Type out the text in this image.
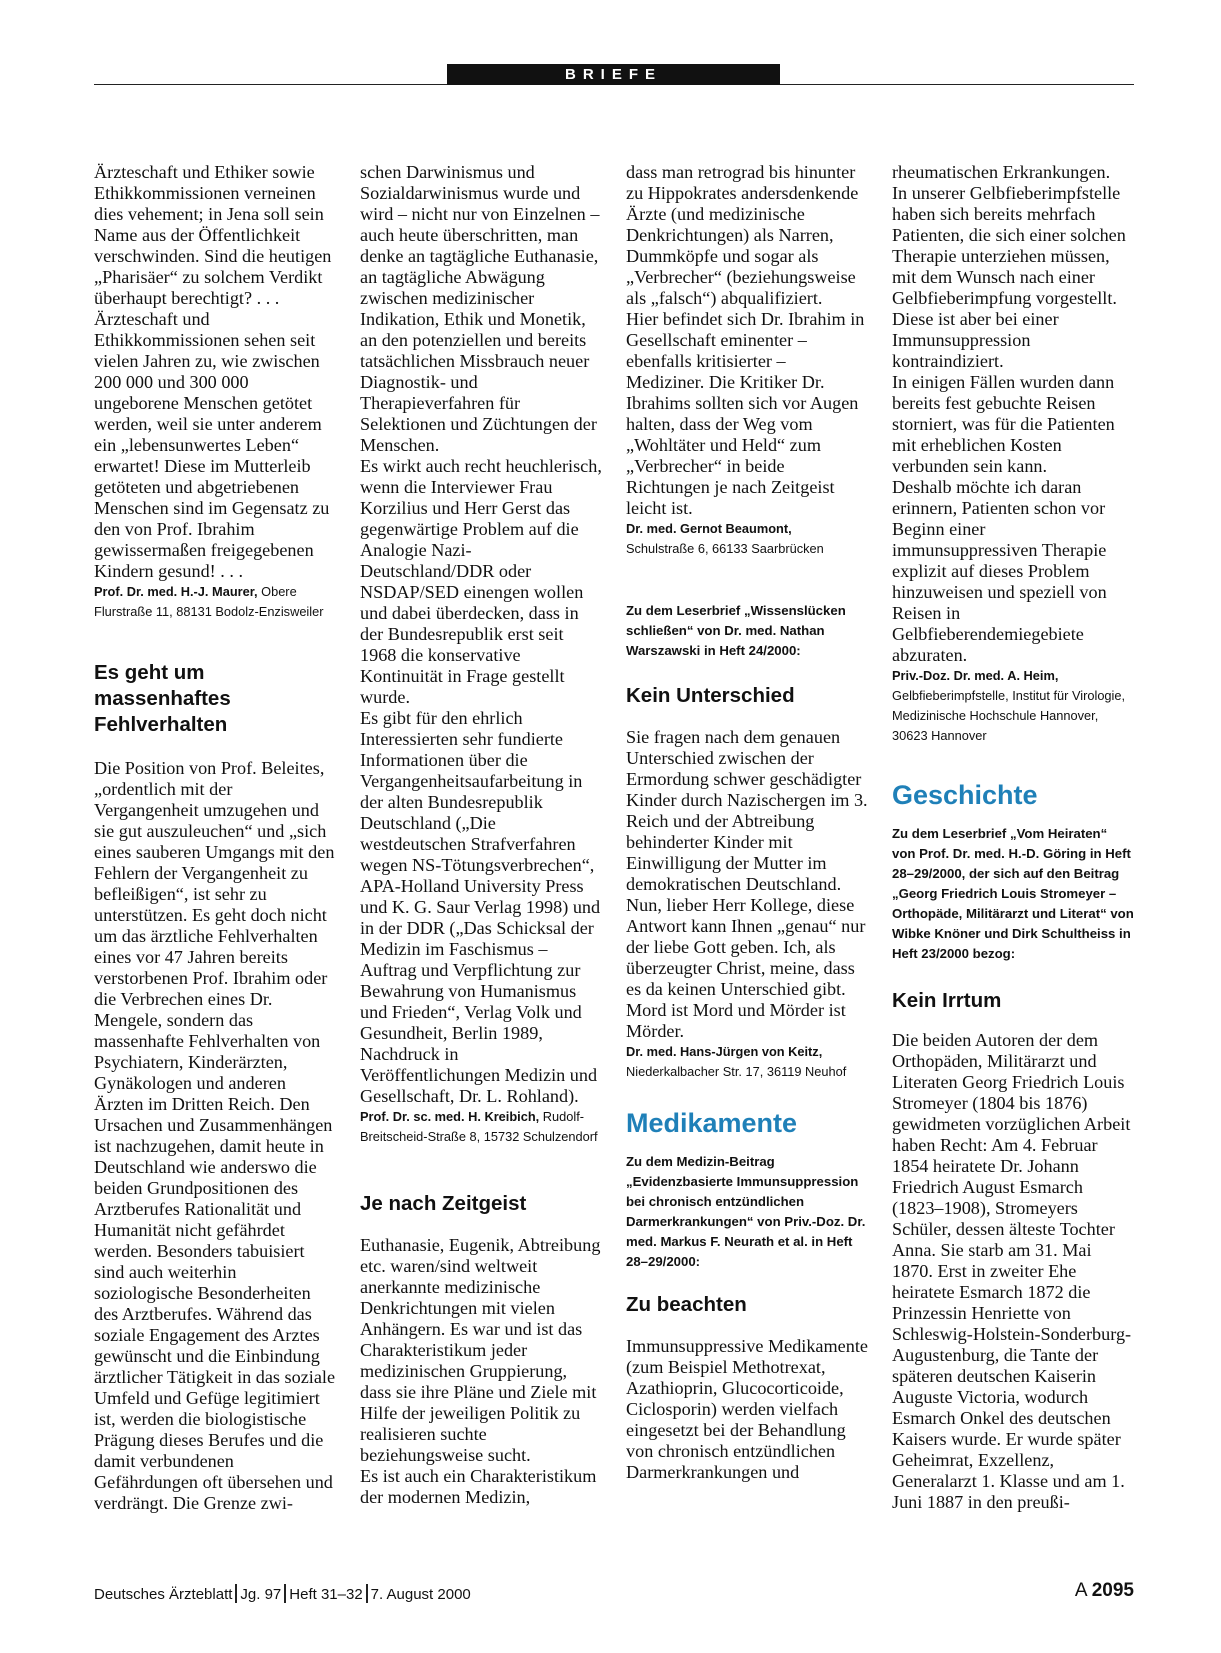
BRIEFE

Ärzteschaft und Ethiker sowie Ethikkommissionen verneinen dies vehement; in Jena soll sein Name aus der Öffentlichkeit verschwinden. Sind die heutigen „Pharisäer“ zu solchem Verdikt überhaupt berechtigt? . . . Ärzteschaft und Ethikkommissionen sehen seit vielen Jahren zu, wie zwischen 200 000 und 300 000 ungeborene Menschen getötet werden, weil sie unter anderem ein „lebensunwertes Leben“ erwartet! Diese im Mutterleib getöteten und abgetriebenen Menschen sind im Gegensatz zu den von Prof. Ibrahim gewissermaßen freigegebenen Kindern gesund! . . .

Prof. Dr. med. H.-J. Maurer, Obere Flurstraße 11, 88131 Bodolz-Enzisweiler

Es geht um massenhaftes Fehlverhalten

Die Position von Prof. Beleites, „ordentlich mit der Vergangenheit umzugehen und sie gut auszuleuchen“ und „sich eines sauberen Umgangs mit den Fehlern der Vergangenheit zu befleißigen“, ist sehr zu unterstützen. Es geht doch nicht um das ärztliche Fehlverhalten eines vor 47 Jahren bereits verstorbenen Prof. Ibrahim oder die Verbrechen eines Dr. Mengele, sondern das massenhafte Fehlverhalten von Psychiatern, Kinderärzten, Gynäkologen und anderen Ärzten im Dritten Reich. Den Ursachen und Zusammenhängen ist nachzugehen, damit heute in Deutschland wie anderswo die beiden Grundpositionen des Arztberufes Rationalität und Humanität nicht gefährdet werden. Besonders tabuisiert sind auch weiterhin soziologische Besonderheiten des Arztberufes. Während das soziale Engagement des Arztes gewünscht und die Einbindung ärztlicher Tätigkeit in das soziale Umfeld und Gefüge legitimiert ist, werden die biologistische Prägung dieses Berufes und die damit verbundenen Gefährdungen oft übersehen und verdrängt. Die Grenze zwi-

schen Darwinismus und Sozialdarwinismus wurde und wird – nicht nur von Einzelnen – auch heute überschritten, man denke an tagtägliche Euthanasie, an tagtägliche Abwägung zwischen medizinischer Indikation, Ethik und Monetik, an den potenziellen und bereits tatsächlichen Missbrauch neuer Diagnostik- und Therapieverfahren für Selektionen und Züchtungen der Menschen.

Es wirkt auch recht heuchlerisch, wenn die Interviewer Frau Korzilius und Herr Gerst das gegenwärtige Problem auf die Analogie Nazi-Deutschland/DDR oder NSDAP/SED einengen wollen und dabei überdecken, dass in der Bundesrepublik erst seit 1968 die konservative Kontinuität in Frage gestellt wurde.

Es gibt für den ehrlich Interessierten sehr fundierte Informationen über die Vergangenheitsaufarbeitung in der alten Bundesrepublik Deutschland („Die westdeutschen Strafverfahren wegen NS-Tötungsverbrechen“, APA-Holland University Press und K. G. Saur Verlag 1998) und in der DDR („Das Schicksal der Medizin im Faschismus – Auftrag und Verpflichtung zur Bewahrung von Humanismus und Frieden“, Verlag Volk und Gesundheit, Berlin 1989, Nachdruck in Veröffentlichungen Medizin und Gesellschaft, Dr. L. Rohland).

Prof. Dr. sc. med. H. Kreibich, Rudolf-Breitscheid-Straße 8, 15732 Schulzendorf

Je nach Zeitgeist

Euthanasie, Eugenik, Abtreibung etc. waren/sind weltweit anerkannte medizinische Denkrichtungen mit vielen Anhängern. Es war und ist das Charakteristikum jeder medizinischen Gruppierung, dass sie ihre Pläne und Ziele mit Hilfe der jeweiligen Politik zu realisieren suchte beziehungsweise sucht.

Es ist auch ein Charakteristikum der modernen Medizin,

dass man retrograd bis hinunter zu Hippokrates andersdenkende Ärzte (und medizinische Denkrichtungen) als Narren, Dummköpfe und sogar als „Verbrecher“ (beziehungsweise als „falsch“) abqualifiziert.

Hier befindet sich Dr. Ibrahim in Gesellschaft eminenter – ebenfalls kritisierter – Mediziner. Die Kritiker Dr. Ibrahims sollten sich vor Augen halten, dass der Weg vom „Wohltäter und Held“ zum „Verbrecher“ in beide Richtungen je nach Zeitgeist leicht ist.

Dr. med. Gernot Beaumont,
Schulstraße 6, 66133 Saarbrücken

Zu dem Leserbrief „Wissenslücken schließen“ von Dr. med. Nathan Warszawski in Heft 24/2000:

Kein Unterschied

Sie fragen nach dem genauen Unterschied zwischen der Ermordung schwer geschädigter Kinder durch Nazischergen im 3. Reich und der Abtreibung behinderter Kinder mit Einwilligung der Mutter im demokratischen Deutschland. Nun, lieber Herr Kollege, diese Antwort kann Ihnen „genau“ nur der liebe Gott geben. Ich, als überzeugter Christ, meine, dass es da keinen Unterschied gibt. Mord ist Mord und Mörder ist Mörder.

Dr. med. Hans-Jürgen von Keitz,
Niederkalbacher Str. 17, 36119 Neuhof

Medikamente

Zu dem Medizin-Beitrag „Evidenzbasierte Immunsuppression bei chronisch entzündlichen Darmerkrankungen“ von Priv.-Doz. Dr. med. Markus F. Neurath et al. in Heft 28–29/2000:

Zu beachten

Immunsuppressive Medikamente (zum Beispiel Methotrexat, Azathioprin, Glucocorticoide, Ciclosporin) werden vielfach eingesetzt bei der Behandlung von chronisch entzündlichen Darmerkrankungen und

rheumatischen Erkrankungen.

In unserer Gelbfieberimpfstelle haben sich bereits mehrfach Patienten, die sich einer solchen Therapie unterziehen müssen, mit dem Wunsch nach einer Gelbfieberimpfung vorgestellt. Diese ist aber bei einer Immunsuppression kontraindiziert.

In einigen Fällen wurden dann bereits fest gebuchte Reisen storniert, was für die Patienten mit erheblichen Kosten verbunden sein kann.

Deshalb möchte ich daran erinnern, Patienten schon vor Beginn einer immunsuppressiven Therapie explizit auf dieses Problem hinzuweisen und speziell von Reisen in Gelbfieberendemiegebiete abzuraten.

Priv.-Doz. Dr. med. A. Heim,
Gelbfieberimpfstelle, Institut für Virologie, Medizinische Hochschule Hannover, 30623 Hannover

Geschichte

Zu dem Leserbrief „Vom Heiraten“ von Prof. Dr. med. H.-D. Göring in Heft 28–29/2000, der sich auf den Beitrag „Georg Friedrich Louis Stromeyer – Orthopäde, Militärarzt und Literat“ von Wibke Knöner und Dirk Schultheiss in Heft 23/2000 bezog:

Kein Irrtum

Die beiden Autoren der dem Orthopäden, Militärarzt und Literaten Georg Friedrich Louis Stromeyer (1804 bis 1876) gewidmeten vorzüglichen Arbeit haben Recht: Am 4. Februar 1854 heiratete Dr. Johann Friedrich August Esmarch (1823–1908), Stromeyers Schüler, dessen älteste Tochter Anna. Sie starb am 31. Mai 1870. Erst in zweiter Ehe heiratete Esmarch 1872 die Prinzessin Henriette von Schleswig-Holstein-Sonderburg-Augustenburg, die Tante der späteren deutschen Kaiserin Auguste Victoria, wodurch Esmarch Onkel des deutschen Kaisers wurde. Er wurde später Geheimrat, Exzellenz, Generalarzt 1. Klasse und am 1. Juni 1887 in den preußi-

Deutsches Ärzteblatt Jg. 97 Heft 31–32 7. August 2000	A 2095
